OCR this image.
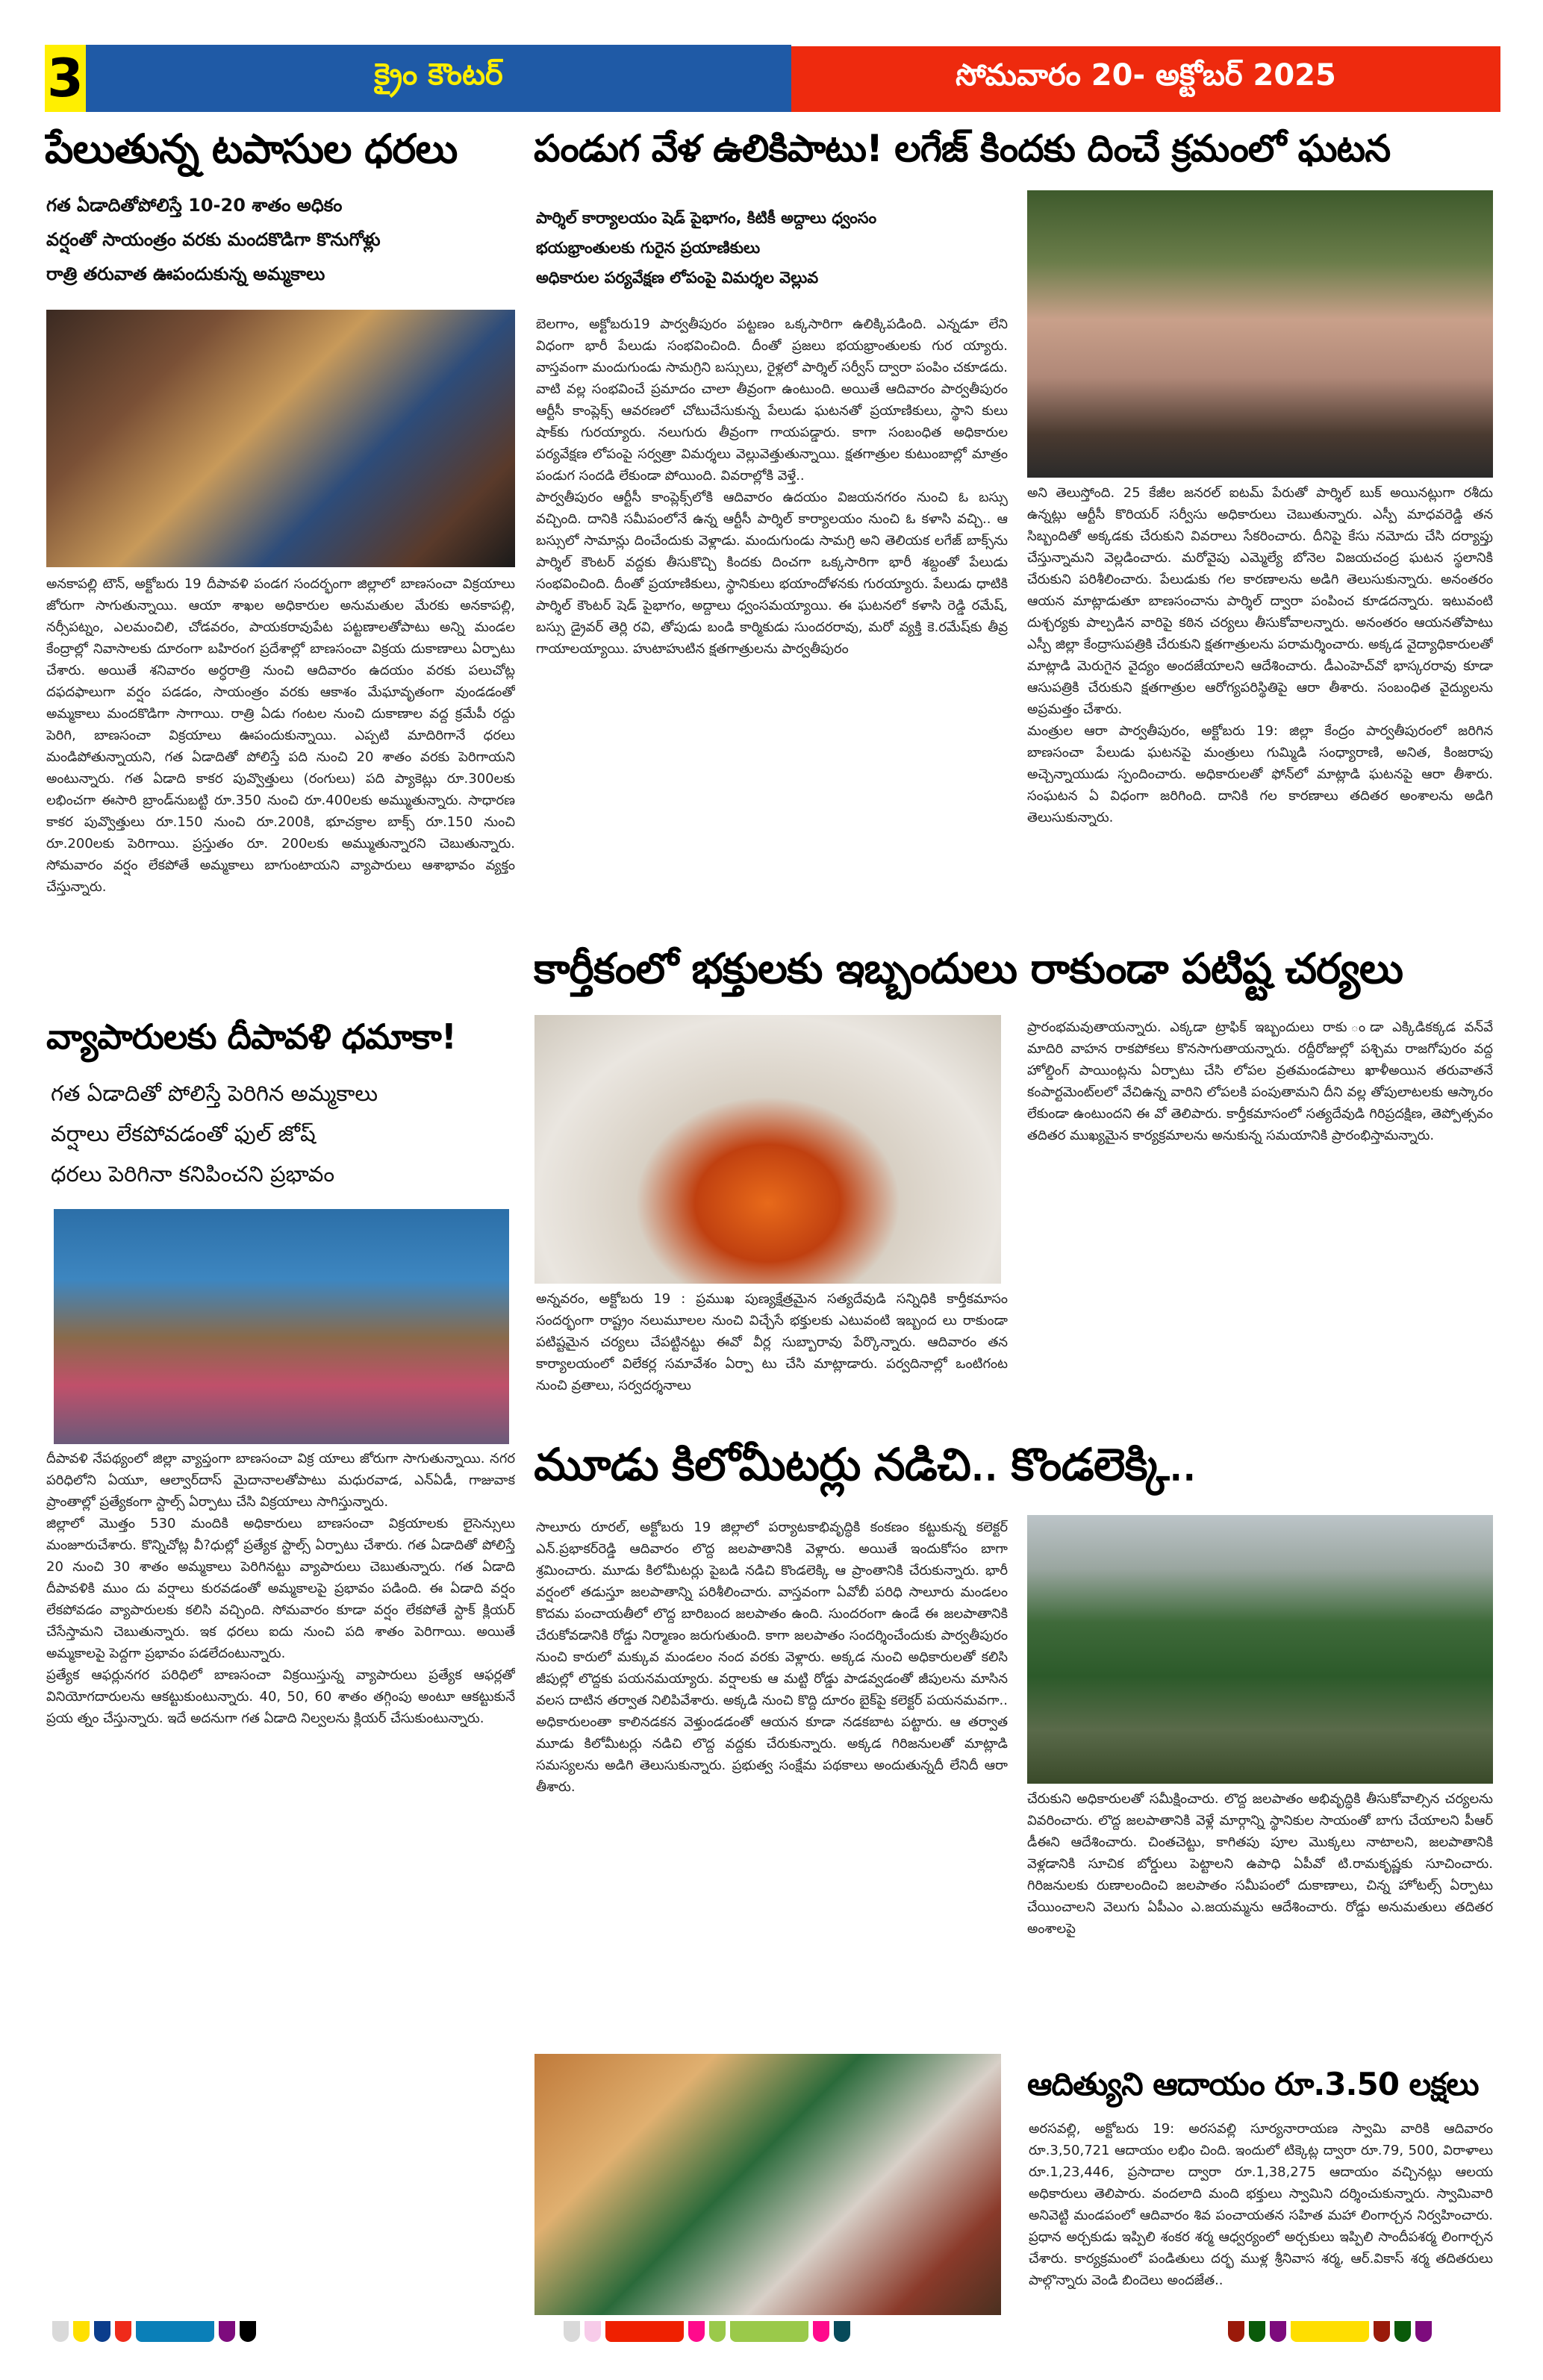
3	క్రైం కౌంటర్	సోమవారం 20- అక్టోబర్ 2025
పేలుతున్న టపాసుల ధరలు
గత ఏడాదితోపోలిస్తే 10-20 శాతం అధికం
వర్షంతో సాయంత్రం వరకు మందకొడిగా కొనుగోళ్లు
రాత్రి తరువాత ఊపందుకున్న అమ్మకాలు
అనకాపల్లి టౌన్, అక్టోబరు 19 దీపావళి పండగ సందర్భంగా జిల్లాలో బాణసంచా విక్రయాలు జోరుగా సాగుతున్నాయి. ఆయా శాఖల అధికారుల అనుమతుల మేరకు అనకాపల్లి, నర్సీపట్నం, ఎలమంచిలి, చోడవరం, పాయకరావుపేట పట్టణాలతోపాటు అన్ని మండల కేంద్రాల్లో నివాసాలకు దూరంగా బహిరంగ ప్రదేశాల్లో బాణసంచా విక్రయ దుకాణాలు ఏర్పాటు చేశారు. అయితే శనివారం అర్ధరాత్రి నుంచి ఆదివారం ఉదయం వరకు పలుచోట్ల దఫదఫాలుగా వర్షం పడడం, సాయంత్రం వరకు ఆకాశం మేఘావృతంగా వుండడంతో అమ్మకాలు మందకొడిగా సాగాయి. రాత్రి ఏడు గంటల నుంచి దుకాణాల వద్ద క్రమేపీ రద్దు పెరిగి, బాణసంచా విక్రయాలు ఊపందుకున్నాయి. ఎప్పటి మాదిరిగానే ధరలు మండిపోతున్నాయని, గత ఏడాదితో పోలిస్తే పది నుంచి 20 శాతం వరకు పెరిగాయని అంటున్నారు. గత ఏడాది కాకర పువ్వొత్తులు (రంగులు) పది ప్యాకెట్లు రూ.300లకు లభించగా ఈసారి బ్రాండ్‌నుబట్టి రూ.350 నుంచి రూ.400లకు అమ్ముతున్నారు. సాధారణ కాకర పువ్వొత్తులు రూ.150 నుంచి రూ.200కి, భూచక్రాల బాక్స్ రూ.150 నుంచి రూ.200లకు పెరిగాయి. ప్రస్తుతం రూ. 200లకు అమ్ముతున్నారని చెబుతున్నారు. సోమవారం వర్షం లేకపోతే అమ్మకాలు బాగుంటాయని వ్యాపారులు ఆశాభావం వ్యక్తం చేస్తున్నారు.
వ్యాపారులకు దీపావళి ధమాకా!
గత ఏడాదితో పోలిస్తే పెరిగిన అమ్మకాలు
వర్షాలు లేకపోవడంతో ఫుల్ జోష్
ధరలు పెరిగినా కనిపించని ప్రభావం

దీపావళి నేపథ్యంలో జిల్లా వ్యాప్తంగా బాణసంచా విక్ర యాలు జోరుగా సాగుతున్నాయి. నగర పరిధిలోని ఏయూ, ఆల్వార్‌దాస్ మైదానాలతోపాటు మధురవాడ, ఎన్ఏడీ, గాజువాక ప్రాంతాల్లో ప్రత్యేకంగా స్టాల్స్ ఏర్పాటు చేసి విక్రయాలు సాగిస్తున్నారు.

జిల్లాలో మొత్తం 530 మందికి అధికారులు బాణసంచా విక్రయాలకు లైసెన్సులు మంజూరుచేశారు. కొన్నిచోట్ల వీ?ధుల్లో ప్రత్యేక స్టాల్స్ ఏర్పాటు చేశారు. గత ఏడాదితో పోలిస్తే 20 నుంచి 30 శాతం అమ్మకాలు పెరిగినట్టు వ్యాపారులు చెబుతున్నారు. గత ఏడాది దీపావళికి ముం దు వర్షాలు కురవడంతో అమ్మకాలపై ప్రభావం పడింది. ఈ ఏడాది వర్షం లేకపోవడం వ్యాపారులకు కలిసి వచ్చింది. సోమవారం కూడా వర్షం లేకపోతే స్టాక్ క్లియర్ చేసేస్తామని చెబుతున్నారు. ఇక ధరలు ఐదు నుంచి పది శాతం పెరిగాయి. అయితే అమ్మకాలపై పెద్దగా ప్రభావం పడలేదంటున్నారు.

ప్రత్యేక ఆఫర్లునగర పరిధిలో బాణసంచా విక్రయిస్తున్న వ్యాపారులు ప్రత్యేక ఆఫర్లతో వినియోగదారులను ఆకట్టుకుంటున్నారు. 40, 50, 60 శాతం తగ్గింపు అంటూ ఆకట్టుకునే ప్రయ త్నం చేస్తున్నారు. ఇదే అదనుగా గత ఏడాది నిల్వలను క్లియర్ చేసుకుంటున్నారు.

పండుగ వేళ ఉలికిపాటు! లగేజ్ కిందకు దించే క్రమంలో ఘటన
పార్శిల్ కార్యాలయం షెడ్ పైభాగం, కిటికీ అద్దాలు ధ్వంసం
భయభ్రాంతులకు గురైన ప్రయాణికులు
అధికారుల పర్యవేక్షణ లోపంపై విమర్శల వెల్లువ

బెలగాం, అక్టోబరు19 పార్వతీపురం పట్టణం ఒక్కసారిగా ఉలిక్కిపడింది. ఎన్నడూ లేని విధంగా భారీ పేలుడు సంభవించింది. దీంతో ప్రజలు భయభ్రాంతులకు గుర య్యారు. వాస్తవంగా మందుగుండు సామగ్రిని బస్సులు, రైళ్లలో పార్శిల్ సర్వీస్ ద్వారా పంపిం చకూడదు. వాటి వల్ల సంభవించే ప్రమాదం చాలా తీవ్రంగా ఉంటుంది. అయితే ఆదివారం పార్వతీపురం ఆర్టీసీ కాంప్లెక్స్ ఆవరణలో చోటుచేసుకున్న పేలుడు ఘటనతో ప్రయాణికులు, స్థాని కులు షాక్‌కు గురయ్యారు. నలుగురు తీవ్రంగా గాయపడ్డారు. కాగా సంబంధిత అధికారుల పర్యవేక్షణ లోపంపై సర్వత్రా విమర్శలు వెల్లువెత్తుతున్నాయి. క్షతగాత్రుల కుటుంబాల్లో మాత్రం పండుగ సందడి లేకుండా పోయింది. వివరాల్లోకి వెళ్తే..

పార్వతీపురం ఆర్టీసీ కాంప్లెక్స్‌లోకి ఆదివారం ఉదయం విజయనగరం నుంచి ఓ బస్సు వచ్చింది. దానికి సమీపంలోనే ఉన్న ఆర్టీసీ పార్శిల్ కార్యాలయం నుంచి ఓ కళాసి వచ్చి.. ఆ బస్సులో సామాన్లు దించేందుకు వెళ్లాడు. మందుగుండు సామగ్రి అని తెలియక లగేజ్ బాక్స్‌ను పార్శిల్ కౌంటర్ వద్దకు తీసుకొచ్చి కిందకు దించగా ఒక్కసారిగా భారీ శబ్దంతో పేలుడు సంభవించింది. దీంతో ప్రయాణికులు, స్థానికులు భయాందోళనకు గురయ్యారు. పేలుడు ధాటికి పార్శిల్ కౌంటర్ షెడ్ పైభాగం, అద్దాలు ధ్వంసమయ్యాయి. ఈ ఘటనలో కళాసి రెడ్డి రమేష్, బస్సు డ్రైవర్ తెర్లి రవి, తోపుడు బండి కార్మికుడు సుందరరావు, మరో వ్యక్తి కె.రమేష్‌కు తీవ్ర గాయాలయ్యాయి. హుటాహుటిన క్షతగాత్రులను పార్వతీపురం

అని తెలుస్తోంది. 25 కేజీల జనరల్ ఐటమ్ పేరుతో పార్శిల్ బుక్ అయినట్లుగా రశీదు ఉన్నట్లు ఆర్టీసీ కొరియర్ సర్వీసు అధికారులు చెబుతున్నారు. ఎస్పీ మాధవరెడ్డి తన సిబ్బందితో అక్కడకు చేరుకుని వివరాలు సేకరించారు. దీనిపై కేసు నమోదు చేసి దర్యాప్తు చేస్తున్నామని వెల్లడించారు. మరోవైపు ఎమ్మెల్యే బోనెల విజయచంద్ర ఘటన స్థలానికి చేరుకుని పరిశీలించారు. పేలుడుకు గల కారణాలను అడిగి తెలుసుకున్నారు. అనంతరం ఆయన మాట్లాడుతూ బాణసంచాను పార్శిల్ ద్వారా పంపించ కూడదన్నారు. ఇటువంటి దుశ్చర్యకు పాల్పడిన వారిపై కఠిన చర్యలు తీసుకోవాలన్నారు. అనంతరం ఆయనతోపాటు ఎస్పీ జిల్లా కేంద్రాసుపత్రికి చేరుకుని క్షతగాత్రులను పరామర్శించారు. అక్కడ వైద్యాధికారులతో మాట్లాడి మెరుగైన వైద్యం అందజేయాలని ఆదేశించారు. డీఎంహెచ్‌వో భాస్కరరావు కూడా ఆసుపత్రికి చేరుకుని క్షతగాత్రుల ఆరోగ్యపరిస్థితిపై ఆరా తీశారు. సంబంధిత వైద్యులను అప్రమత్తం చేశారు.

మంత్రుల ఆరా పార్వతీపురం, అక్టోబరు 19: జిల్లా కేంద్రం పార్వతీపురంలో జరిగిన బాణసంచా పేలుడు ఘటనపై మంత్రులు గుమ్మిడి సంధ్యారాణి, అనిత, కింజరాపు అచ్చెన్నాయుడు స్పందించారు. అధికారులతో ఫోన్‌లో మాట్లాడి ఘటనపై ఆరా తీశారు. సంఘటన ఏ విధంగా జరిగింది. దానికి గల కారణాలు తదితర అంశాలను అడిగి తెలుసుకున్నారు.

కార్తీకంలో భక్తులకు ఇబ్బందులు రాకుండా పటిష్ట చర్యలు
అన్నవరం, అక్టోబరు 19 : ప్రముఖ పుణ్యక్షేత్రమైన సత్యదేవుడి సన్నిధికి కార్తీకమాసం సందర్భంగా రాష్ట్రం నలుమూలల నుంచి విచ్చేసే భక్తులకు ఎటువంటి ఇబ్బంద లు రాకుండా పటిష్టమైన చర్యలు చేపట్టినట్టు ఈవో వీర్ల సుబ్బారావు పేర్కొన్నారు. ఆదివారం తన కార్యాలయంలో విలేకర్ల సమావేశం ఏర్పా టు చేసి మాట్లాడారు. పర్వదినాల్లో ఒంటిగంట నుంచి వ్రతాలు, సర్వదర్శనాలు
ప్రారంభమవుతాయన్నారు. ఎక్కడా ట్రాఫిక్ ఇబ్బందులు రాకు ండా ఎక్కిడికక్కడ వన్‌వే మాదిరి వాహన రాకపోకలు కొనసాగుతాయన్నారు. రద్దీరోజుల్లో పశ్చిమ రాజగోపురం వద్ద హోల్డింగ్ పాయింట్లను ఏర్పాటు చేసి లోపల వ్రతమండపాలు ఖాళీఅయిన తరువాతనే కంపార్టమెంట్‌లలో వేచిఉన్న వారిని లోపలకి పంపుతామని దీని వల్ల తోపులాటలకు ఆస్కారం లేకుండా ఉంటుందని ఈ వో తెలిపారు. కార్తీకమాసంలో సత్యదేవుడి గిరిప్రదక్షిణ, తెప్పోత్సవం తదితర ముఖ్యమైన కార్యక్రమాలను అనుకున్న సమయానికి ప్రారంభిస్తామన్నారు.
మూడు కిలోమీటర్లు నడిచి.. కొండలెక్కి..
సాలూరు రూరల్, అక్టోబరు 19 జిల్లాలో పర్యాటకాభివృద్ధికి కంకణం కట్టుకున్న కలెక్టర్ ఎన్.ప్రభాకర్‌రెడ్డి ఆదివారం లొద్ద జలపాతానికి వెళ్లారు. అయితే ఇందుకోసం బాగా శ్రమించారు. మూడు కిలోమీటర్లు పైబడి నడిచి కొండలెక్కి ఆ ప్రాంతానికి చేరుకున్నారు. భారీ వర్షంలో తడుస్తూ జలపాతాన్ని పరిశీలించారు. వాస్తవంగా ఏవోబీ పరిధి సాలూరు మండలం కొదమ పంచాయతీలో లొద్ద బారిబంద జలపాతం ఉంది. సుందరంగా ఉండే ఈ జలపాతానికి చేరుకోవడానికి రోడ్డు నిర్మాణం జరుగుతుంది. కాగా జలపాతం సందర్శించేందుకు పార్వతీపురం నుంచి కారులో మక్కువ మండలం నంద వరకు వెళ్లారు. అక్కడ నుంచి అధికారులతో కలిసి జీపుల్లో లొద్దకు పయనమయ్యారు. వర్షాలకు ఆ మట్టి రోడ్డు పాడవ్వడంతో జీపులను మాసిన వలస దాటిన తర్వాత నిలిపివేశారు. అక్కడి నుంచి కొద్ది దూరం బైక్‌పై కలెక్టర్ పయనమవగా.. అధికారులంతా కాలినడకన వెళ్తుండడంతో ఆయన కూడా నడకబాట పట్టారు. ఆ తర్వాత మూడు కిలోమీటర్లు నడిచి లొద్ద వద్దకు చేరుకున్నారు. అక్కడ గిరిజనులతో మాట్లాడి సమస్యలను అడిగి తెలుసుకున్నారు. ప్రభుత్వ సంక్షేమ పథకాలు అందుతున్నదీ లేనిదీ ఆరా తీశారు.
చేరుకుని అధికారులతో సమీక్షించారు. లొద్ద జలపాతం అభివృద్ధికి తీసుకోవాల్సిన చర్యలను వివరించారు. లొద్ద జలపాతానికి వెళ్లే మార్గాన్ని స్థానికుల సాయంతో బాగు చేయాలని పీఆర్ డీఈని ఆదేశించారు. చింతచెట్టు, కాగితపు పూల మొక్కలు నాటాలని, జలపాతానికి వెళ్లడానికి సూచిక బోర్డులు పెట్టాలని ఉపాధి ఏపీవో టి.రామకృష్ణకు సూచించారు. గిరిజనులకు రుణాలందించి జలపాతం సమీపంలో దుకాణాలు, చిన్న హోటల్స్ ఏర్పాటు చేయించాలని వెలుగు ఏపీఎం ఎ.జయమ్మను ఆదేశించారు. రోడ్డు అనుమతులు తదితర అంశాలపై
ఆదిత్యుని ఆదాయం రూ.3.50 లక్షలు
అరసవల్లి, అక్టోబరు 19: అరసవల్లి సూర్యనారాయణ స్వామి వారికి ఆదివారం రూ.3,50,721 ఆదాయం లభిం చింది. ఇందులో టిక్కెట్ల ద్వారా రూ.79, 500, విరాళాలు రూ.1,23,446, ప్రసాదాల ద్వారా రూ.1,38,275 ఆదాయం వచ్చినట్లు ఆలయ అధికారులు తెలిపారు. వందలాది మంది భక్తులు స్వామిని దర్శించుకున్నారు. స్వామివారి అనివెట్టి మండపంలో ఆదివారం శివ పంచాయతన సహిత మహా లింగార్చన నిర్వహించారు. ప్రధాన అర్చకుడు ఇప్పిలి శంకర శర్మ ఆధ్వర్యంలో అర్చకులు ఇప్పిలి సాందీపశర్మ లింగార్చన చేశారు. కార్యక్రమంలో పండితులు దర్భ ముళ్ల శ్రీనివాస శర్మ, ఆర్.వికాస్ శర్మ తదితరులు పాల్గొన్నారు వెండి బిందెలు అందజేత..
